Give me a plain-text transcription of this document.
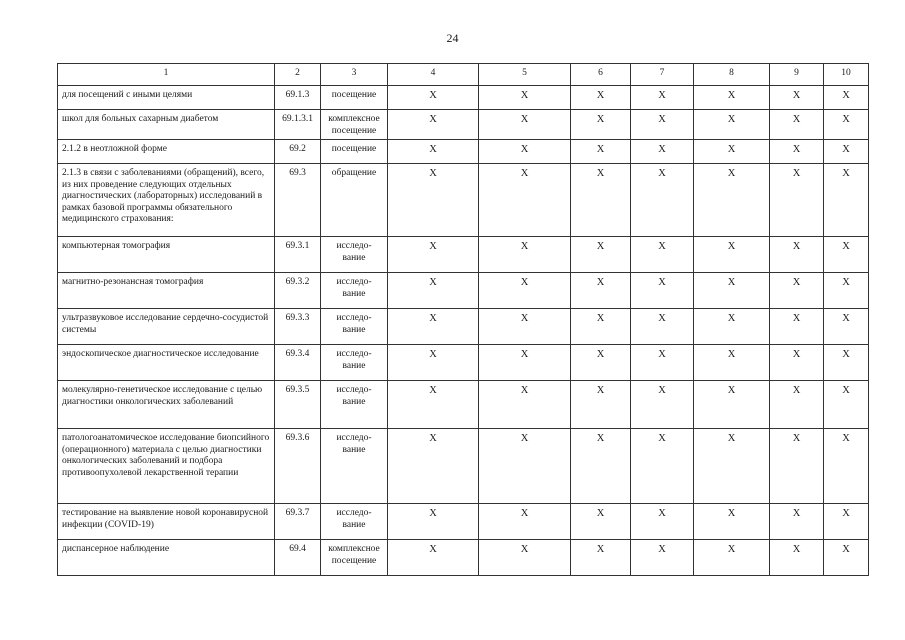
24
1	2	3	4	5	6	7	8	9	10
для посещений с иными целями	69.1.3	посещение	X	X	X	X	X	X	X
школ для больных сахарным диабетом	69.1.3.1	комплексное посещение	X	X	X	X	X	X	X
2.1.2 в неотложной форме	69.2	посещение	X	X	X	X	X	X	X
2.1.3 в связи с заболеваниями (обращений), всего, из них проведение следующих отдельных диагностических (лабораторных) исследований в рамках базовой программы обязательного медицинского страхования:	69.3	обращение	X	X	X	X	X	X	X
компьютерная томография	69.3.1	исследо-вание	X	X	X	X	X	X	X
магнитно-резонансная томография	69.3.2	исследо-вание	X	X	X	X	X	X	X
ультразвуковое исследование сердечно-сосудистой системы	69.3.3	исследо-вание	X	X	X	X	X	X	X
эндоскопическое диагностическое исследование	69.3.4	исследо-вание	X	X	X	X	X	X	X
молекулярно-генетическое исследование с целью диагностики онкологических заболеваний	69.3.5	исследо-вание	X	X	X	X	X	X	X
патологоанатомическое исследование биопсийного (операционного) материала с целью диагностики онкологических заболеваний и подбора противоопухолевой лекарственной терапии	69.3.6	исследо-вание	X	X	X	X	X	X	X
тестирование на выявление новой коронавирусной инфекции (COVID-19)	69.3.7	исследо-вание	X	X	X	X	X	X	X
диспансерное наблюдение	69.4	комплексное посещение	X	X	X	X	X	X	X
